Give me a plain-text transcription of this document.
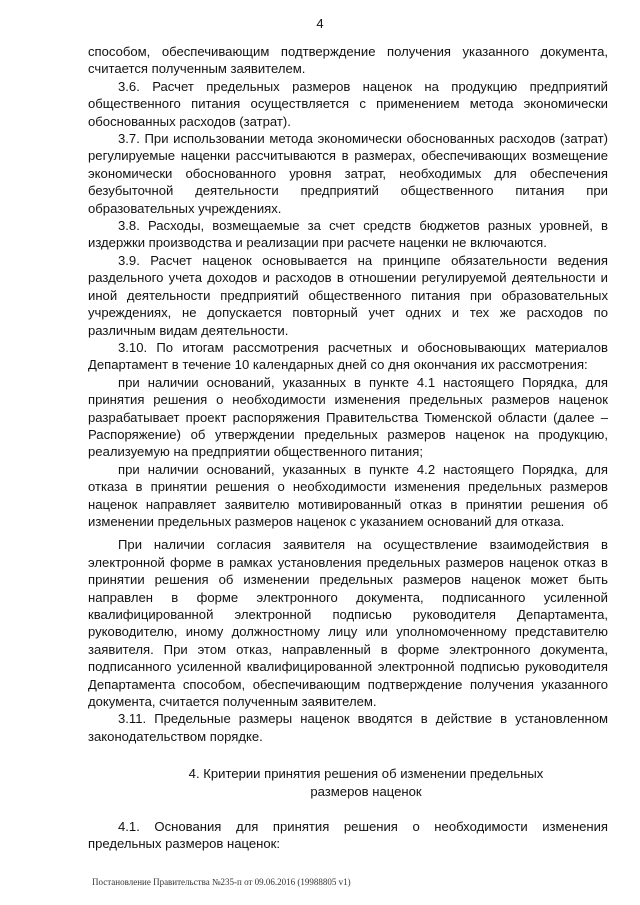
4

способом, обеспечивающим подтверждение получения указанного документа, считается полученным заявителем.

3.6. Расчет предельных размеров наценок на продукцию предприятий общественного питания осуществляется с применением метода экономически обоснованных расходов (затрат).

3.7. При использовании метода экономически обоснованных расходов (затрат) регулируемые наценки рассчитываются в размерах, обеспечивающих возмещение экономически обоснованного уровня затрат, необходимых для обеспечения безубыточной деятельности предприятий общественного питания при образовательных учреждениях.

3.8. Расходы, возмещаемые за счет средств бюджетов разных уровней, в издержки производства и реализации при расчете наценки не включаются.

3.9. Расчет наценок основывается на принципе обязательности ведения раздельного учета доходов и расходов в отношении регулируемой деятельности и иной деятельности предприятий общественного питания при образовательных учреждениях, не допускается повторный учет одних и тех же расходов по различным видам деятельности.

3.10. По итогам рассмотрения расчетных и обосновывающих материалов Департамент в течение 10 календарных дней со дня окончания их рассмотрения:

при наличии оснований, указанных в пункте 4.1 настоящего Порядка, для принятия решения о необходимости изменения предельных размеров наценок разрабатывает проект распоряжения Правительства Тюменской области (далее – Распоряжение) об утверждении предельных размеров наценок на продукцию, реализуемую на предприятии общественного питания;

при наличии оснований, указанных в пункте 4.2 настоящего Порядка, для отказа в принятии решения о необходимости изменения предельных размеров наценок направляет заявителю мотивированный отказ в принятии решения об изменении предельных размеров наценок с указанием оснований для отказа.

При наличии согласия заявителя на осуществление взаимодействия в электронной форме в рамках установления предельных размеров наценок отказ в принятии решения об изменении предельных размеров наценок может быть направлен в форме электронного документа, подписанного усиленной квалифицированной электронной подписью руководителя Департамента, руководителю, иному должностному лицу или уполномоченному представителю заявителя. При этом отказ, направленный в форме электронного документа, подписанного усиленной квалифицированной электронной подписью руководителя Департамента способом, обеспечивающим подтверждение получения указанного документа, считается полученным заявителем.

3.11. Предельные размеры наценок вводятся в действие в установленном законодательством порядке.

4. Критерии принятия решения об изменении предельных
размеров наценок

4.1. Основания для принятия решения о необходимости изменения предельных размеров наценок:

Постановление Правительства №235-п от 09.06.2016 (19988805 v1)
